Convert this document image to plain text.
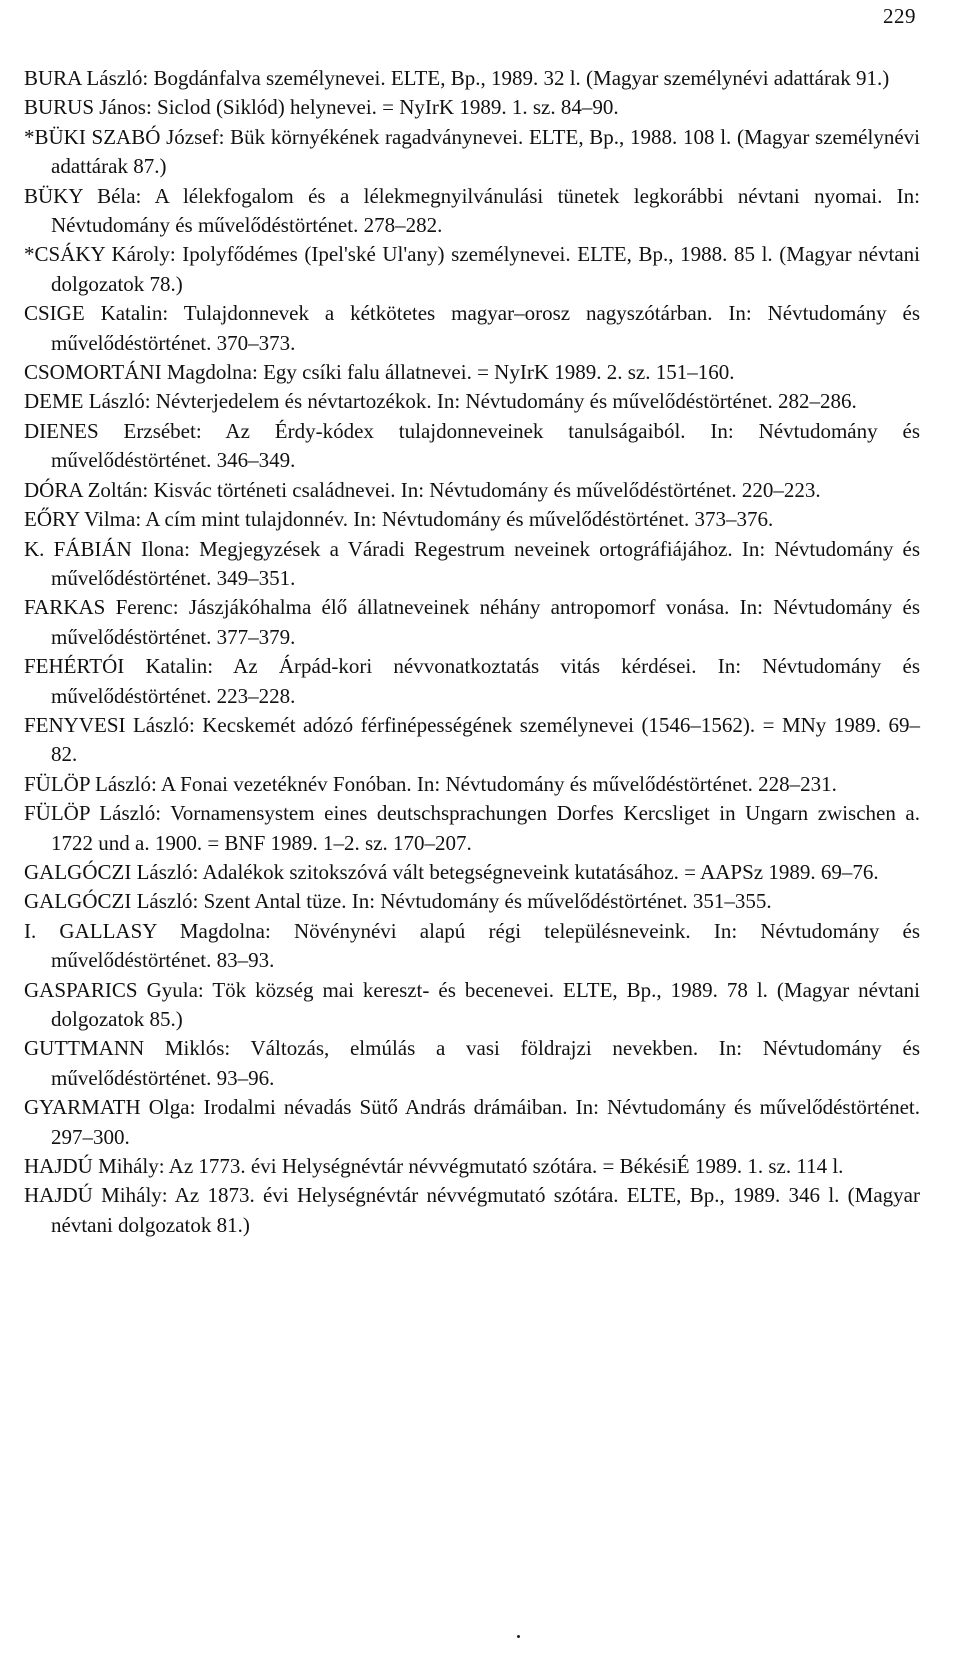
229
BURA László: Bogdánfalva személynevei. ELTE, Bp., 1989. 32 l. (Magyar személynévi adattárak 91.)
BURUS János: Siclod (Siklód) helynevei. = NyIrK 1989. 1. sz. 84–90.
*BÜKI SZABÓ József: Bük környékének ragadványnevei. ELTE, Bp., 1988. 108 l. (Magyar személynévi adattárak 87.)
BÜKY Béla: A lélekfogalom és a lélekmegnyilvánulási tünetek legkorábbi névtani nyomai. In: Névtudomány és művelődéstörténet. 278–282.
*CSÁKY Károly: Ipolyfődémes (Ipel'ské Ul'any) személynevei. ELTE, Bp., 1988. 85 l. (Magyar névtani dolgozatok 78.)
CSIGE Katalin: Tulajdonnevek a kétkötetes magyar–orosz nagyszótárban. In: Névtudomány és művelődéstörténet. 370–373.
CSOMORTÁNI Magdolna: Egy csíki falu állatnevei. = NyIrK 1989. 2. sz. 151–160.
DEME László: Névterjedelem és névtartozékok. In: Névtudomány és művelődéstörténet. 282–286.
DIENES Erzsébet: Az Érdy-kódex tulajdonneveinek tanulságaiból. In: Névtudomány és művelődéstörténet. 346–349.
DÓRA Zoltán: Kisvác történeti családnevei. In: Névtudomány és művelődéstörténet. 220–223.
EŐRY Vilma: A cím mint tulajdonnév. In: Névtudomány és művelődéstörténet. 373–376.
K. FÁBIÁN Ilona: Megjegyzések a Váradi Regestrum neveinek ortográfiájához. In: Névtudomány és művelődéstörténet. 349–351.
FARKAS Ferenc: Jászjákóhalma élő állatneveinek néhány antropomorf vonása. In: Névtudomány és művelődéstörténet. 377–379.
FEHÉRTÓI Katalin: Az Árpád-kori névvonatkoztatás vitás kérdései. In: Névtudomány és művelődéstörténet. 223–228.
FENYVESI László: Kecskemét adózó férfinépességének személynevei (1546–1562). = MNy 1989. 69–82.
FÜLÖP László: A Fonai vezetéknév Fonóban. In: Névtudomány és művelődéstörténet. 228–231.
FÜLÖP László: Vornamensystem eines deutschsprachungen Dorfes Kercsliget in Ungarn zwischen a. 1722 und a. 1900. = BNF 1989. 1–2. sz. 170–207.
GALGÓCZI László: Adalékok szitokszóvá vált betegségneveink kutatásához. = AAPSz 1989. 69–76.
GALGÓCZI László: Szent Antal tüze. In: Névtudomány és művelődéstörténet. 351–355.
I. GALLASY Magdolna: Növénynévi alapú régi településneveink. In: Névtudomány és művelődéstörténet. 83–93.
GASPARICS Gyula: Tök község mai kereszt- és becenevei. ELTE, Bp., 1989. 78 l. (Magyar névtani dolgozatok 85.)
GUTTMANN Miklós: Változás, elmúlás a vasi földrajzi nevekben. In: Névtudomány és művelődéstörténet. 93–96.
GYARMATH Olga: Irodalmi névadás Sütő András drámáiban. In: Névtudomány és művelődéstörténet. 297–300.
HAJDÚ Mihály: Az 1773. évi Helységnévtár névvégmutató szótára. = BékésiÉ 1989. 1. sz. 114 l.
HAJDÚ Mihály: Az 1873. évi Helységnévtár névvégmutató szótára. ELTE, Bp., 1989. 346 l. (Magyar névtani dolgozatok 81.)
